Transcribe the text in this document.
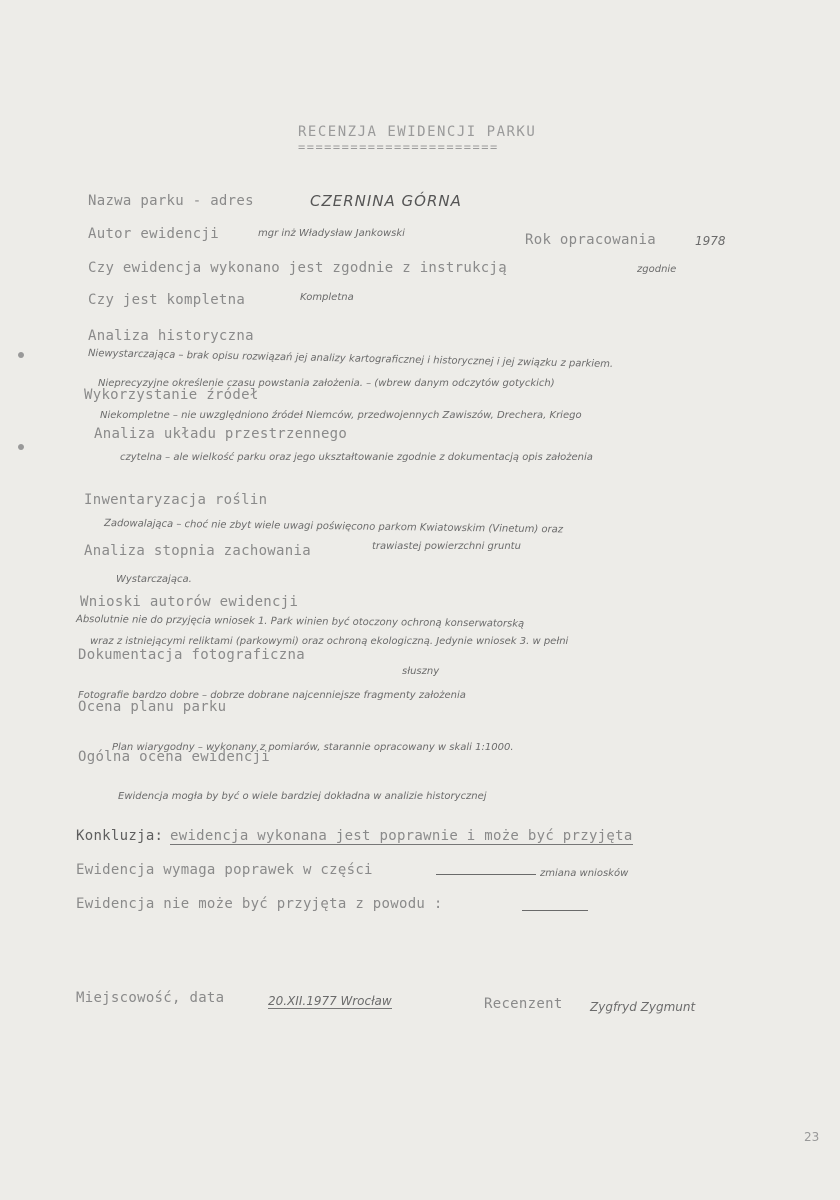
RECENZJA EWIDENCJI PARKU
=======================
Nazwa parku - adres	CZERNINA GÓRNA
Autor ewidencji	mgr inż Władysław Jankowski	Rok opracowania	1978
Czy ewidencja wykonano jest zgodnie z instrukcją	zgodnie
Czy jest kompletna	Kompletna
Analiza historyczna
Niewystarczająca – brak opisu rozwiązań jej analizy kartograficznej i historycznej i jej związku z parkiem.
Nieprecyzyjne określenie czasu powstania założenia. – (wbrew danym odczytów gotyckich)
Wykorzystanie źródeł
Niekompletne – nie uwzględniono źródeł Niemców, przedwojennych Zawiszów, Drechera, Kriego
Analiza układu przestrzennego
czytelna – ale wielkość parku oraz jego ukształtowanie zgodnie z dokumentacją opis założenia
Inwentaryzacja roślin
Zadowalająca – choć nie zbyt wiele uwagi poświęcono parkom Kwiatowskim (Vinetum) oraz
trawiastej powierzchni gruntu
Analiza stopnia zachowania
Wystarczająca.
Wnioski autorów ewidencji
Absolutnie nie do przyjęcia wniosek 1. Park winien być otoczony ochroną konserwatorską
wraz z istniejącymi reliktami (parkowymi) oraz ochroną ekologiczną. Jedynie wniosek 3. w pełni
słuszny
Dokumentacja fotograficzna
Fotografie bardzo dobre – dobrze dobrane najcenniejsze fragmenty założenia
Ocena planu parku
Plan wiarygodny – wykonany z pomiarów, starannie opracowany w skali 1:1000.
Ogólna ocena ewidencji
Ewidencja mogła by być o wiele bardziej dokładna w analizie historycznej
Konkluzja: ewidencja wykonana jest poprawnie i może być przyjęta
Ewidencja wymaga poprawek w części	zmiana wniosków
Ewidencja nie może być przyjęta z powodu :
Miejscowość, data	20.XII.1977 Wrocław	Recenzent Zygfryd Zygmunt
23
